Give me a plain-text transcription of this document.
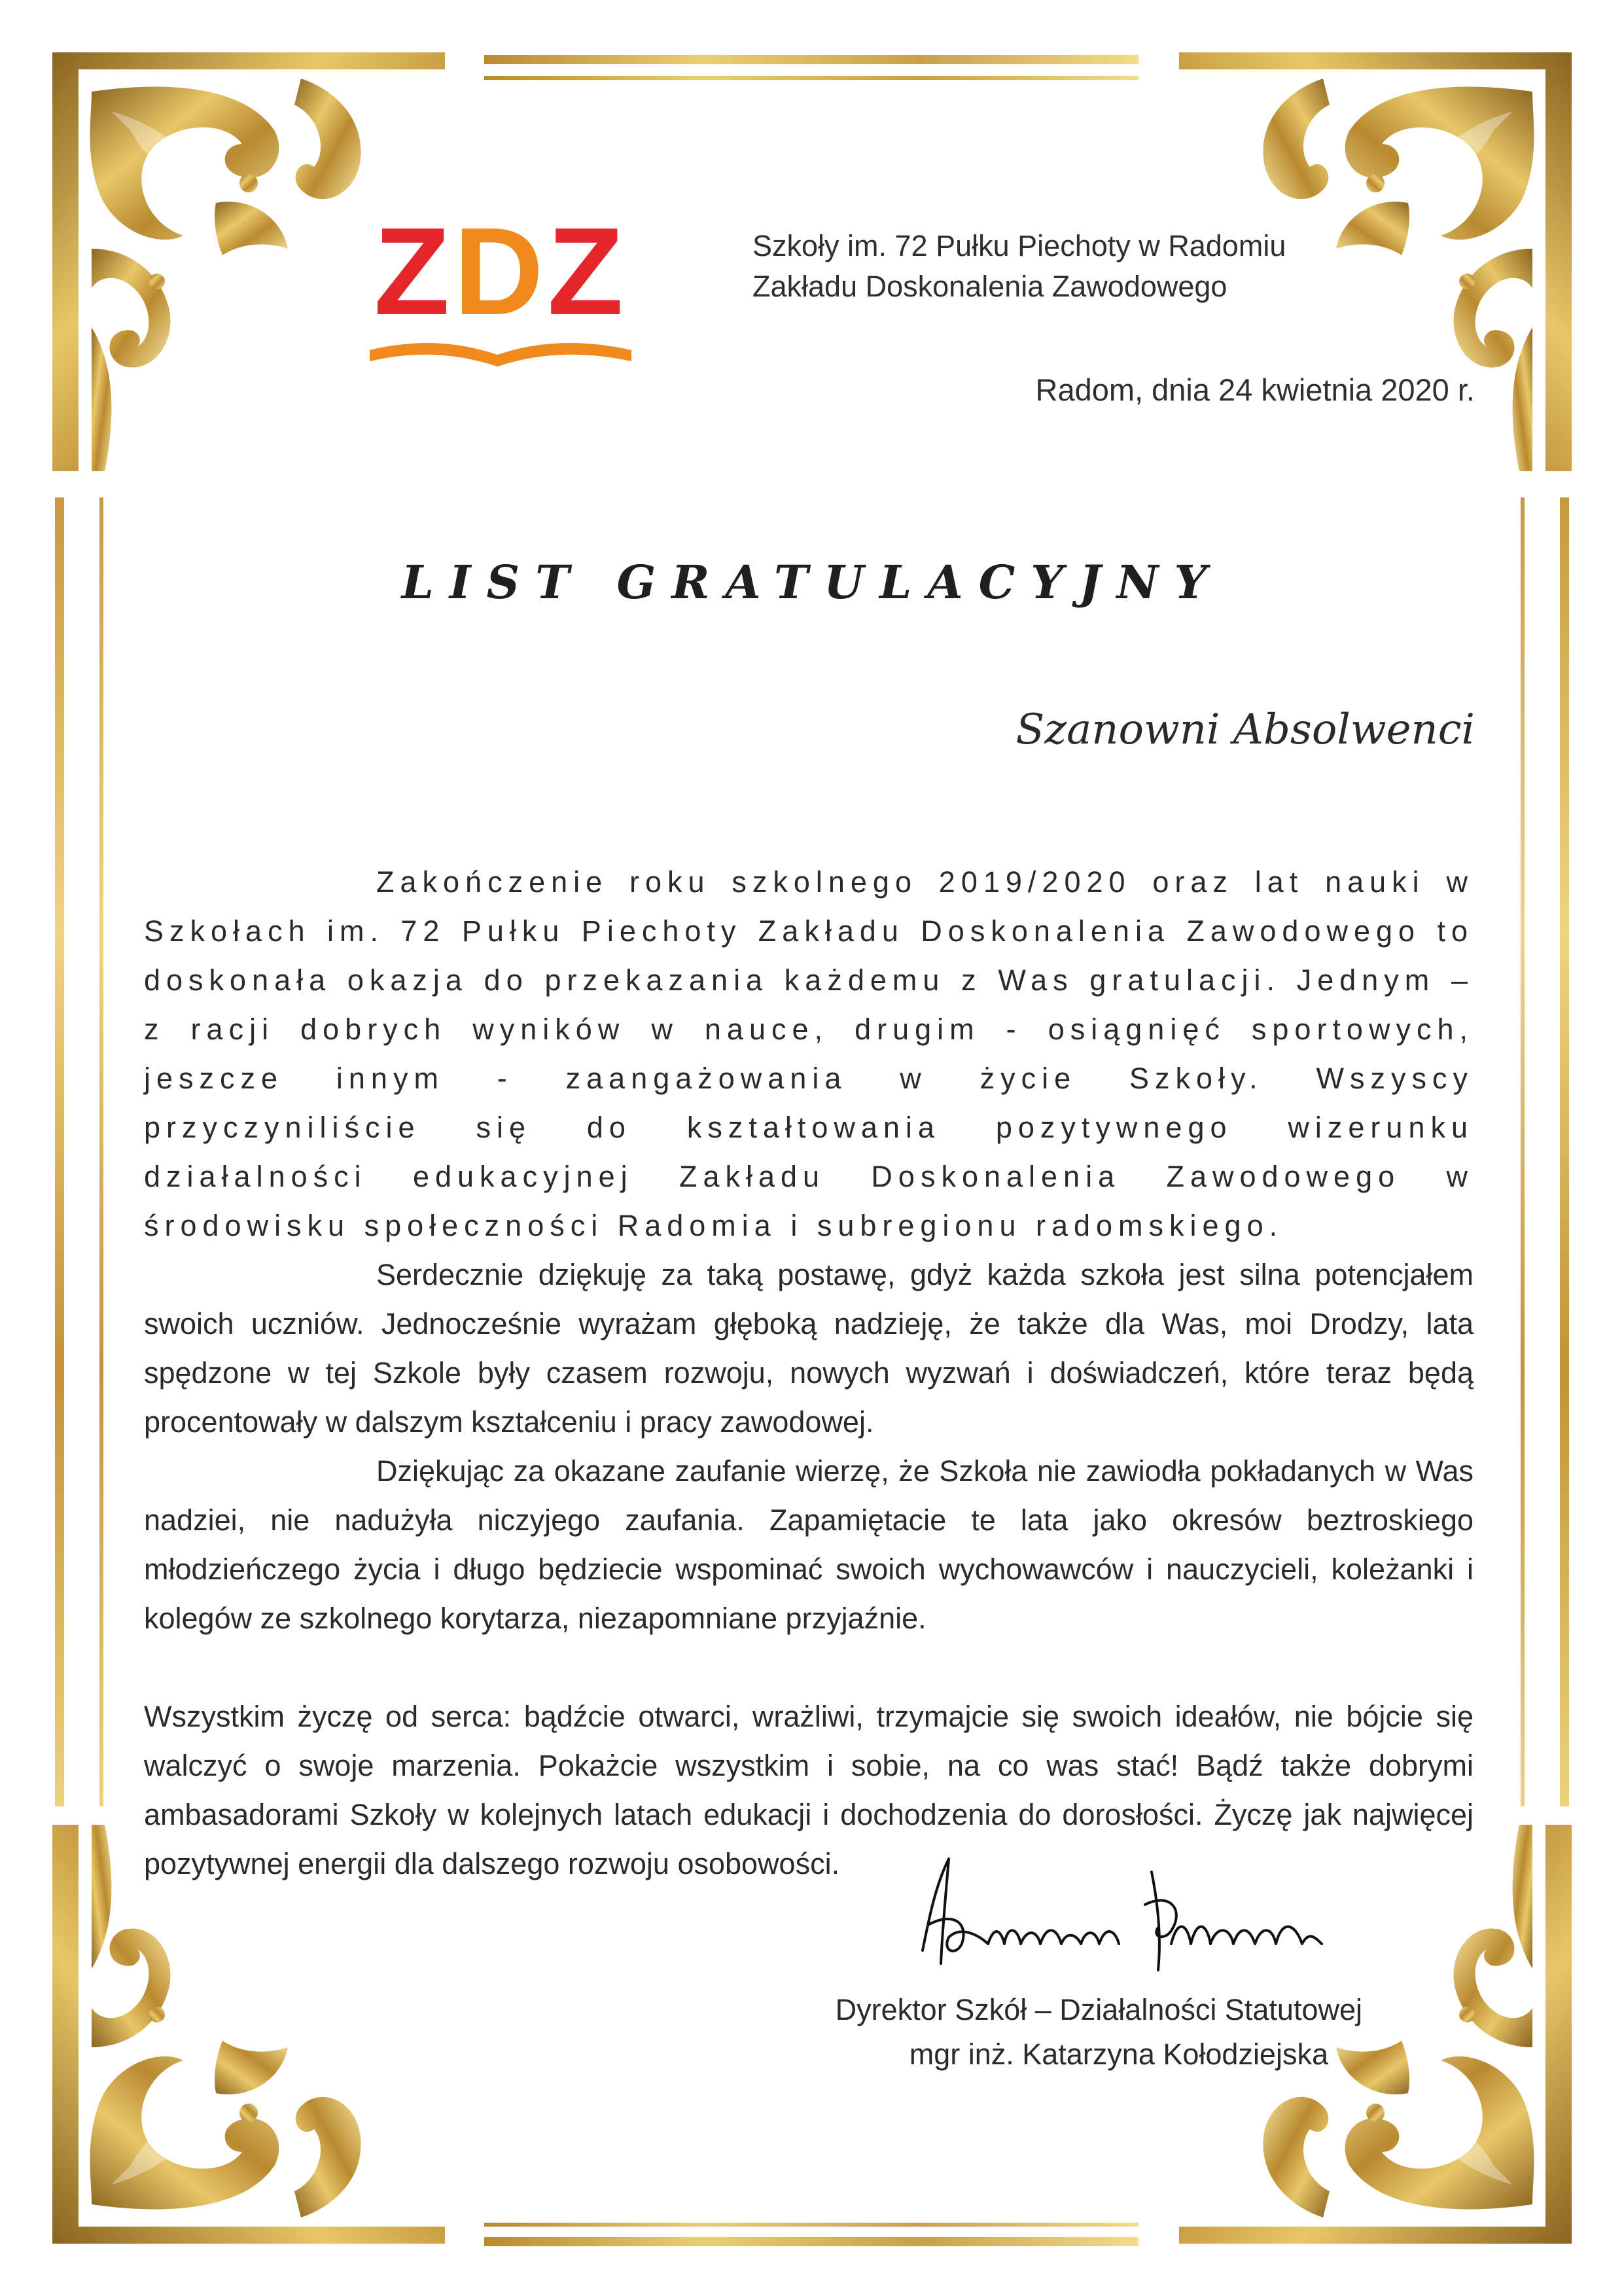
ZDZ	Szkoły im. 72 Pułku Piechoty w Radomiu
Zakładu Doskonalenia Zawodowego
Radom, dnia 24 kwietnia 2020 r.
LIST GRATULACYJNY
Szanowni Absolwenci

Zakończenie roku szkolnego 2019/2020 oraz lat nauki w Szkołach im. 72 Pułku Piechoty Zakładu Doskonalenia Zawodowego to doskonała okazja do przekazania każdemu z Was gratulacji. Jednym – z racji dobrych wyników w nauce, drugim - osiągnięć sportowych, jeszcze innym - zaangażowania w życie Szkoły. Wszyscy przyczyniliście się do kształtowania pozytywnego wizerunku działalności edukacyjnej Zakładu Doskonalenia Zawodowego w środowisku społeczności Radomia i subregionu radomskiego.

Serdecznie dziękuję za taką postawę, gdyż każda szkoła jest silna potencjałem swoich uczniów. Jednocześnie wyrażam głęboką nadzieję, że także dla Was, moi Drodzy, lata spędzone w tej Szkole były czasem rozwoju, nowych wyzwań i doświadczeń, które teraz będą procentowały w dalszym kształceniu i pracy zawodowej.

Dziękując za okazane zaufanie wierzę, że Szkoła nie zawiodła pokładanych w Was nadziei, nie nadużyła niczyjego zaufania. Zapamiętacie te lata jako okresów beztroskiego młodzieńczego życia i długo będziecie wspominać swoich wychowawców i nauczycieli, koleżanki i kolegów ze szkolnego korytarza, niezapomniane przyjaźnie.

Wszystkim życzę od serca: bądźcie otwarci, wrażliwi, trzymajcie się swoich ideałów, nie bójcie się walczyć o swoje marzenia. Pokażcie wszystkim i sobie, na co was stać! Bądź także dobrymi ambasadorami Szkoły w kolejnych latach edukacji i dochodzenia do dorosłości. Życzę jak najwięcej pozytywnej energii dla dalszego rozwoju osobowości.

Dyrektor Szkół – Działalności Statutowej
mgr inż. Katarzyna Kołodziejska
